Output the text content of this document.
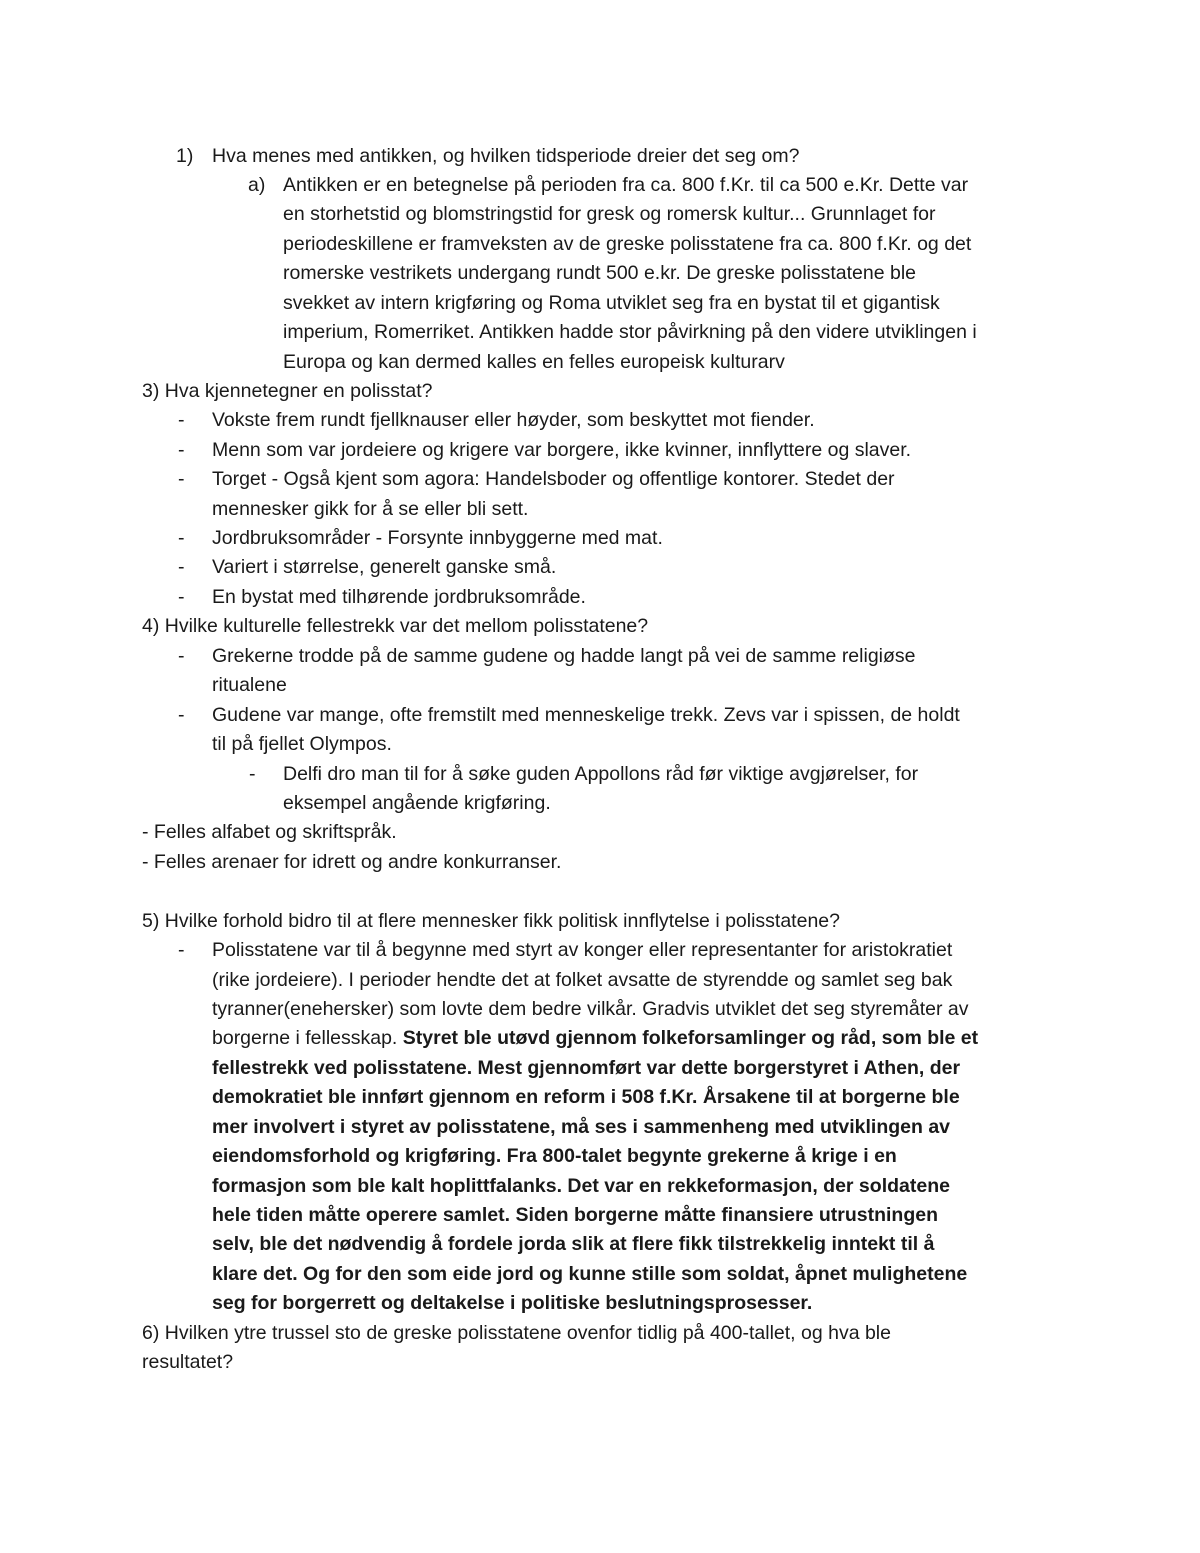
1) Hva menes med antikken, og hvilken tidsperiode dreier det seg om?
a) Antikken er en betegnelse på perioden fra ca. 800 f.Kr. til ca 500 e.Kr. Dette var
en storhetstid og blomstringstid for gresk og romersk kultur... Grunnlaget for
periodeskillene er framveksten av de greske polisstatene fra ca. 800 f.Kr. og det
romerske vestrikets undergang rundt 500 e.kr. De greske polisstatene ble
svekket av intern krigføring og Roma utviklet seg fra en bystat til et gigantisk
imperium, Romerriket. Antikken hadde stor påvirkning på den videre utviklingen i
Europa og kan dermed kalles en felles europeisk kulturarv
3) Hva kjennetegner en polisstat?
- Vokste frem rundt fjellknauser eller høyder, som beskyttet mot fiender.
- Menn som var jordeiere og krigere var borgere, ikke kvinner, innflyttere og slaver.
- Torget - Også kjent som agora: Handelsboder og offentlige kontorer. Stedet der
mennesker gikk for å se eller bli sett.
- Jordbruksområder - Forsynte innbyggerne med mat.
- Variert i størrelse, generelt ganske små.
- En bystat med tilhørende jordbruksområde.
4) Hvilke kulturelle fellestrekk var det mellom polisstatene?
- Grekerne trodde på de samme gudene og hadde langt på vei de samme religiøse
ritualene
- Gudene var mange, ofte fremstilt med menneskelige trekk. Zevs var i spissen, de holdt
til på fjellet Olympos.
- Delfi dro man til for å søke guden Appollons råd før viktige avgjørelser, for
eksempel angående krigføring.
- Felles alfabet og skriftspråk.
- Felles arenaer for idrett og andre konkurranser.
5) Hvilke forhold bidro til at flere mennesker fikk politisk innflytelse i polisstatene?
- Polisstatene var til å begynne med styrt av konger eller representanter for aristokratiet
(rike jordeiere). I perioder hendte det at folket avsatte de styrendde og samlet seg bak
tyranner(enehersker) som lovte dem bedre vilkår. Gradvis utviklet det seg styremåter av
borgerne i fellesskap. Styret ble utøvd gjennom folkeforsamlinger og råd, som ble et
fellestrekk ved polisstatene. Mest gjennomført var dette borgerstyret i Athen, der
demokratiet ble innført gjennom en reform i 508 f.Kr. Årsakene til at borgerne ble
mer involvert i styret av polisstatene, må ses i sammenheng med utviklingen av
eiendomsforhold og krigføring. Fra 800-talet begynte grekerne å krige i en
formasjon som ble kalt hoplittfalanks. Det var en rekkeformasjon, der soldatene
hele tiden måtte operere samlet. Siden borgerne måtte finansiere utrustningen
selv, ble det nødvendig å fordele jorda slik at flere fikk tilstrekkelig inntekt til å
klare det. Og for den som eide jord og kunne stille som soldat, åpnet mulighetene
seg for borgerrett og deltakelse i politiske beslutningsprosesser.
6) Hvilken ytre trussel sto de greske polisstatene ovenfor tidlig på 400-tallet, og hva ble
resultatet?
